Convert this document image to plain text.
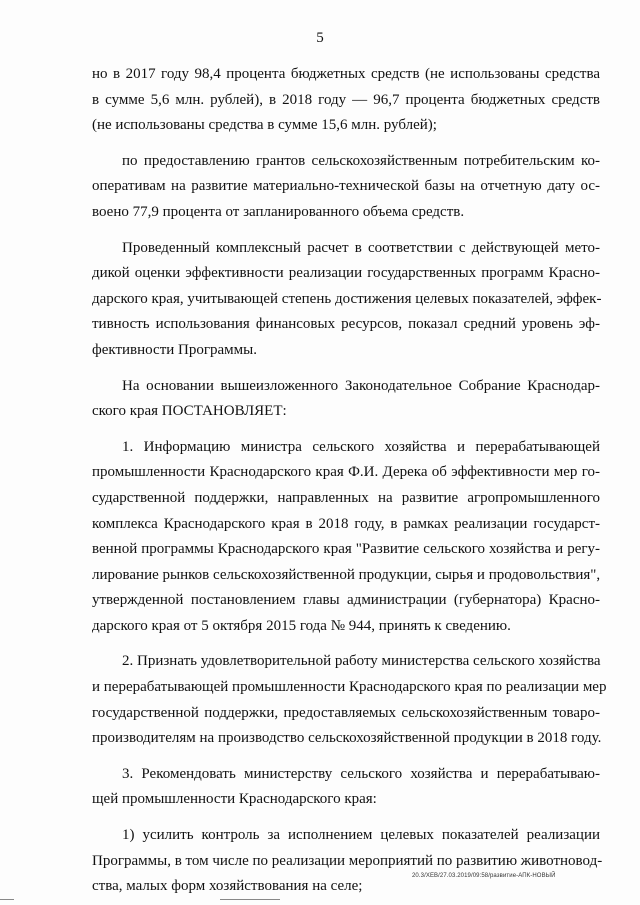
5
но в 2017 году 98,4 процента бюджетных средств (не использованы средства
в сумме 5,6 млн. рублей), в 2018 году — 96,7 процента бюджетных средств
(не использованы средства в сумме 15,6 млн. рублей);
по предоставлению грантов сельскохозяйственным потребительским ко-
оперативам на развитие материально-технической базы на отчетную дату ос-
воено 77,9 процента от запланированного объема средств.
Проведенный комплексный расчет в соответствии с действующей мето-
дикой оценки эффективности реализации государственных программ Красно-
дарского края, учитывающей степень достижения целевых показателей, эффек-
тивность использования финансовых ресурсов, показал средний уровень эф-
фективности Программы.
На основании вышеизложенного Законодательное Собрание Краснодар-
ского края ПОСТАНОВЛЯЕТ:
1. Информацию министра сельского хозяйства и перерабатывающей
промышленности Краснодарского края Ф.И. Дерека об эффективности мер го-
сударственной поддержки, направленных на развитие агропромышленного
комплекса Краснодарского края в 2018 году, в рамках реализации государст-
венной программы Краснодарского края "Развитие сельского хозяйства и регу-
лирование рынков сельскохозяйственной продукции, сырья и продовольствия",
утвержденной постановлением главы администрации (губернатора) Красно-
дарского края от 5 октября 2015 года № 944, принять к сведению.
2. Признать удовлетворительной работу министерства сельского хозяйства
и перерабатывающей промышленности Краснодарского края по реализации мер
государственной поддержки, предоставляемых сельскохозяйственным товаро-
производителям на производство сельскохозяйственной продукции в 2018 году.
3. Рекомендовать министерству сельского хозяйства и перерабатываю-
щей промышленности Краснодарского края:
1) усилить контроль за исполнением целевых показателей реализации
Программы, в том числе по реализации мероприятий по развитию животновод-
ства, малых форм хозяйствования на селе;
20.3/ХЕВ/27.03.2019/09:58/развитие-АПК-НОВЫЙ
